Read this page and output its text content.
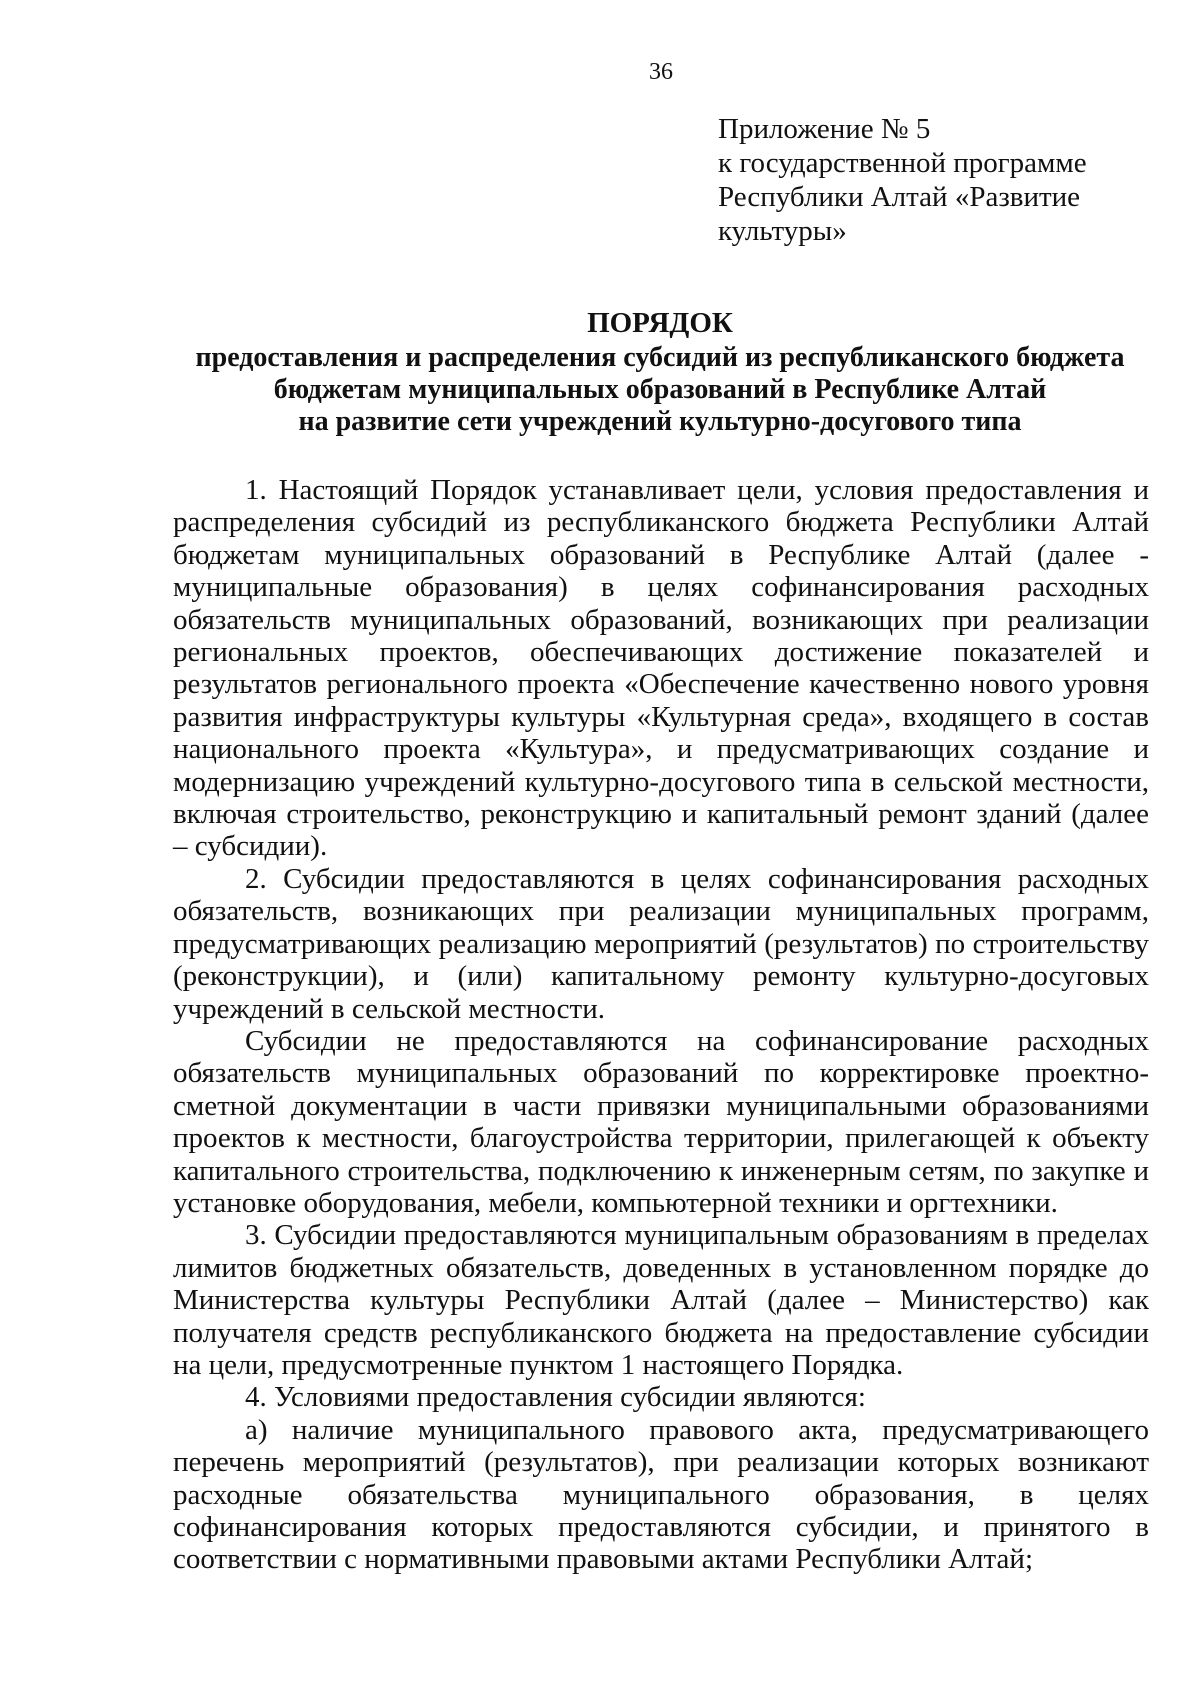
36
Приложение № 5
к государственной программе
Республики Алтай «Развитие
культуры»
ПОРЯДОК
предоставления и распределения субсидий из республиканского бюджета
бюджетам муниципальных образований в Республике Алтай
на развитие сети учреждений культурно-досугового типа

1. Настоящий Порядок устанавливает цели, условия предоставления и распределения субсидий из республиканского бюджета Республики Алтай бюджетам муниципальных образований в Республике Алтай (далее - муниципальные образования) в целях софинансирования расходных обязательств муниципальных образований, возникающих при реализации региональных проектов, обеспечивающих достижение показателей и результатов регионального проекта «Обеспечение качественно нового уровня развития инфраструктуры культуры «Культурная среда», входящего в состав национального проекта «Культура», и предусматривающих создание и модернизацию учреждений культурно-досугового типа в сельской местности, включая строительство, реконструкцию и капитальный ремонт зданий (далее – субсидии).

2. Субсидии предоставляются в целях софинансирования расходных обязательств, возникающих при реализации муниципальных программ, предусматривающих реализацию мероприятий (результатов) по строительству (реконструкции), и (или) капитальному ремонту культурно-досуговых учреждений в сельской местности.

Субсидии не предоставляются на софинансирование расходных обязательств муниципальных образований по корректировке проектно-сметной документации в части привязки муниципальными образованиями проектов к местности, благоустройства территории, прилегающей к объекту капитального строительства, подключению к инженерным сетям, по закупке и установке оборудования, мебели, компьютерной техники и оргтехники.

3. Субсидии предоставляются муниципальным образованиям в пределах лимитов бюджетных обязательств, доведенных в установленном порядке до Министерства культуры Республики Алтай (далее – Министерство) как получателя средств республиканского бюджета на предоставление субсидии на цели, предусмотренные пунктом 1 настоящего Порядка.

4. Условиями предоставления субсидии являются:

а) наличие муниципального правового акта, предусматривающего перечень мероприятий (результатов), при реализации которых возникают расходные обязательства муниципального образования, в целях софинансирования которых предоставляются субсидии, и принятого в соответствии с нормативными правовыми актами Республики Алтай;
